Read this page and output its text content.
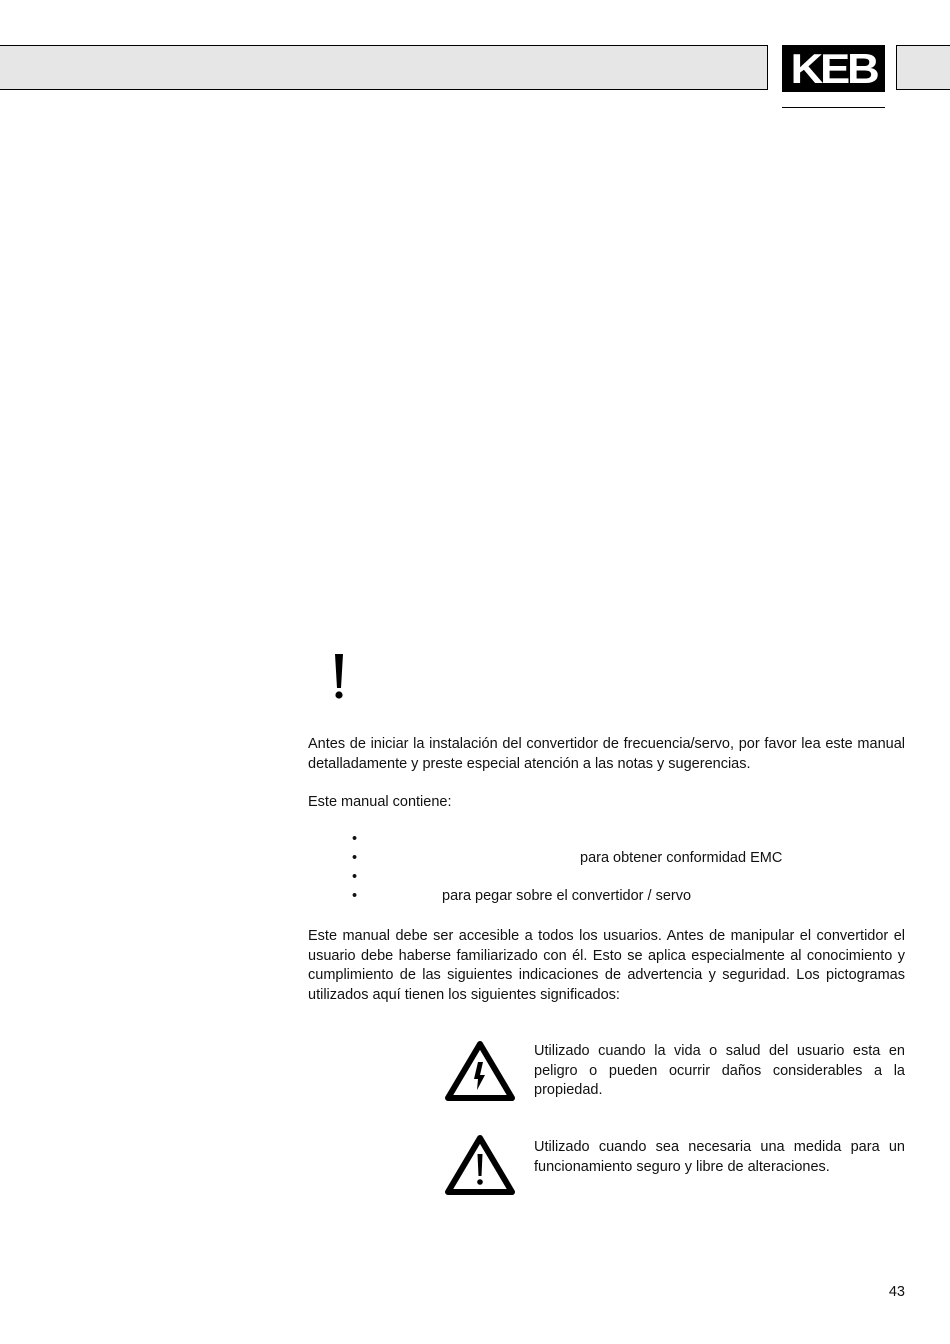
KEB

Antes de iniciar la instalación del convertidor de frecuencia/servo, por favor lea este manual detalladamente y preste especial atención a las notas y sugerencias.

Este manual contiene:

•
•	para obtener conformidad EMC
•
•	para pegar sobre el convertidor / servo

Este manual debe ser accesible a todos los usuarios. Antes de manipular el convertidor el usuario debe haberse familiarizado con él. Esto se aplica especialmente al conocimiento y cumplimiento de las siguientes indicaciones de advertencia y seguridad. Los pictogramas utilizados aquí tienen los siguientes significados:

Utilizado cuando la vida o salud del usuario esta en peligro o pueden ocurrir daños considerables a la propiedad.

Utilizado cuando sea necesaria una medida para un funcionamiento seguro y libre de alteraciones.

43
